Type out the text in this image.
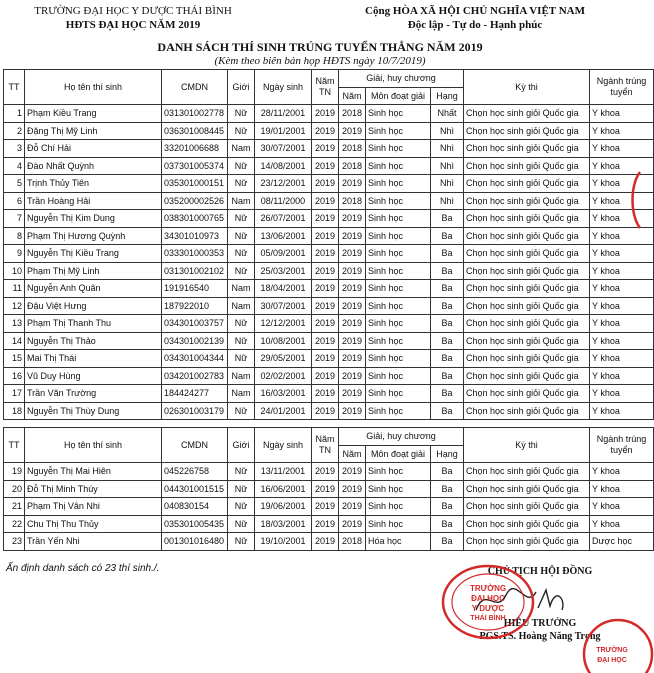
TRƯỜNG ĐẠI HỌC Y DƯỢC THÁI BÌNH
HĐTS ĐẠI HỌC NĂM 2019
Cộng HÒA XÃ HỘI CHỦ NGHĨA VIỆT NAM
Độc lập - Tự do - Hạnh phúc
DANH SÁCH THÍ SINH TRÚNG TUYỂN THẲNG NĂM 2019
(Kèm theo biên bản họp HĐTS ngày 10/7/2019)
TT	Họ tên thí sinh	CMDN	Giới	Ngày sinh	Năm TN	Giải, huy chương			Kỳ thi	Ngành trúng tuyển
						Năm	Môn đoạt giải	Hạng		
1	Phạm Kiều Trang	031301002778	Nữ	28/11/2001	2019	2018	Sinh học	Nhất	Chọn học sinh giỏi Quốc gia	Y khoa
2	Đặng Thị Mỹ Linh	036301008445	Nữ	19/01/2001	2019	2019	Sinh học	Nhì	Chọn học sinh giỏi Quốc gia	Y khoa
3	Đỗ Chí Hải	33201006688	Nam	30/07/2001	2019	2018	Sinh học	Nhì	Chọn học sinh giỏi Quốc gia	Y khoa
4	Đào Nhất Quỳnh	037301005374	Nữ	14/08/2001	2019	2018	Sinh học	Nhì	Chọn học sinh giỏi Quốc gia	Y khoa
5	Trịnh Thủy Tiên	035301000151	Nữ	23/12/2001	2019	2019	Sinh học	Nhì	Chọn học sinh giỏi Quốc gia	Y khoa
6	Trần Hoàng Hải	035200002526	Nam	08/11/2000	2019	2018	Sinh học	Nhì	Chọn học sinh giỏi Quốc gia	Y khoa
7	Nguyễn Thị Kim Dung	038301000765	Nữ	26/07/2001	2019	2019	Sinh học	Ba	Chọn học sinh giỏi Quốc gia	Y khoa
8	Phạm Thị Hương Quỳnh	34301010973	Nữ	13/06/2001	2019	2019	Sinh học	Ba	Chọn học sinh giỏi Quốc gia	Y khoa
9	Nguyễn Thị Kiều Trang	033301000353	Nữ	05/09/2001	2019	2019	Sinh học	Ba	Chọn học sinh giỏi Quốc gia	Y khoa
10	Phạm Thị Mỹ Linh	031301002102	Nữ	25/03/2001	2019	2019	Sinh học	Ba	Chọn học sinh giỏi Quốc gia	Y khoa
11	Nguyễn Anh Quân	191916540	Nam	18/04/2001	2019	2019	Sinh học	Ba	Chọn học sinh giỏi Quốc gia	Y khoa
12	Đậu Việt Hưng	187922010	Nam	30/07/2001	2019	2019	Sinh học	Ba	Chọn học sinh giỏi Quốc gia	Y khoa
13	Phạm Thị Thanh Thu	034301003757	Nữ	12/12/2001	2019	2019	Sinh học	Ba	Chọn học sinh giỏi Quốc gia	Y khoa
14	Nguyễn Thị Thảo	034301002139	Nữ	10/08/2001	2019	2019	Sinh học	Ba	Chọn học sinh giỏi Quốc gia	Y khoa
15	Mai Thị Thái	034301004344	Nữ	29/05/2001	2019	2019	Sinh học	Ba	Chọn học sinh giỏi Quốc gia	Y khoa
16	Vũ Duy Hùng	034201002783	Nam	02/02/2001	2019	2019	Sinh học	Ba	Chọn học sinh giỏi Quốc gia	Y khoa
17	Trần Văn Trường	184424277	Nam	16/03/2001	2019	2019	Sinh học	Ba	Chọn học sinh giỏi Quốc gia	Y khoa
18	Nguyễn Thị Thùy Dung	026301003179	Nữ	24/01/2001	2019	2019	Sinh học	Ba	Chọn học sinh giỏi Quốc gia	Y khoa
TT	Họ tên thí sinh	CMDN	Giới	Ngày sinh	Năm TN	Giải, huy chương			Kỳ thi	Ngành trúng tuyển
						Năm	Môn đoạt giải	Hạng		
19	Nguyễn Thị Mai Hiên	045226758	Nữ	13/11/2001	2019	2019	Sinh học	Ba	Chọn học sinh giỏi Quốc gia	Y khoa
20	Đỗ Thị Minh Thúy	044301001515	Nữ	16/06/2001	2019	2019	Sinh học	Ba	Chọn học sinh giỏi Quốc gia	Y khoa
21	Phạm Thị Vân Nhi	040830154	Nữ	19/06/2001	2019	2019	Sinh học	Ba	Chọn học sinh giỏi Quốc gia	Y khoa
22	Chu Thị Thu Thủy	035301005435	Nữ	18/03/2001	2019	2019	Sinh học	Ba	Chọn học sinh giỏi Quốc gia	Y khoa
23	Trần Yến Nhi	001301016480	Nữ	19/10/2001	2019	2018	Hóa học	Ba	Chọn học sinh giỏi Quốc gia	Dược học
Ấn định danh sách có 23 thí sinh./.	CHỦ TỊCH HỘI ĐỒNG
HIỆU TRƯỞNG
PGS.TS. Hoàng Năng Trọng
TRƯỜNG
ĐẠI HỌC
Y DƯỢC
THÁI BÌNH
TRƯỜNG
ĐẠI HỌC
